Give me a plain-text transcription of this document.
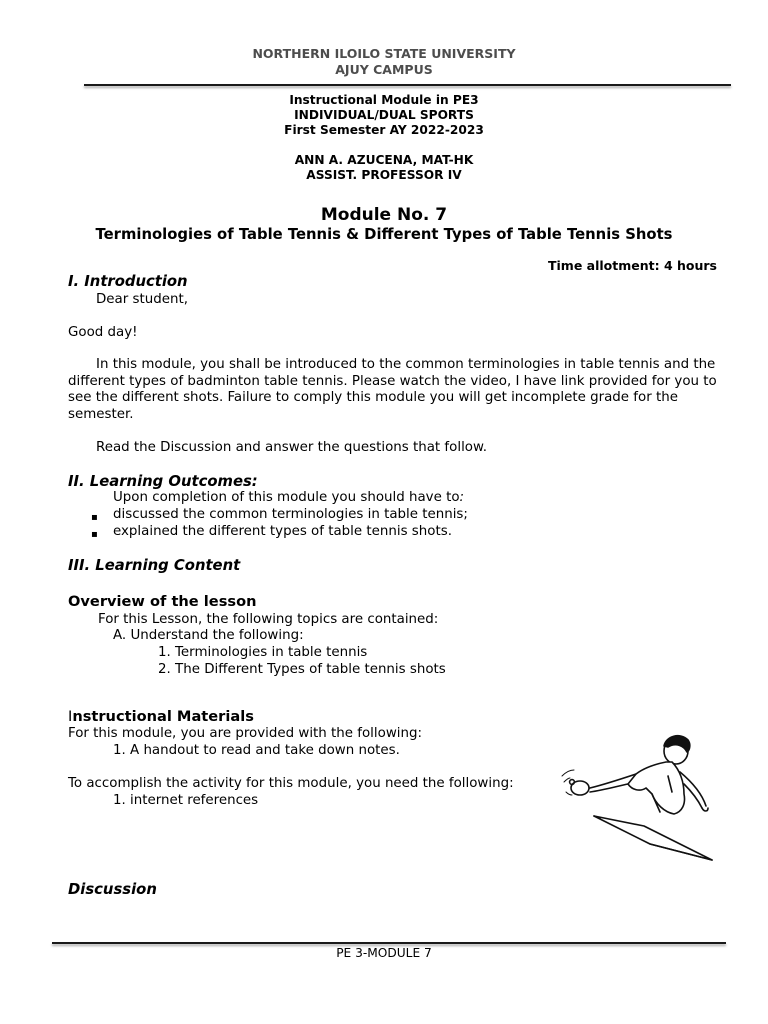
NORTHERN ILOILO STATE UNIVERSITY
AJUY CAMPUS
Instructional Module in PE3
INDIVIDUAL/DUAL SPORTS
First Semester AY 2022-2023
ANN A. AZUCENA, MAT-HK
ASSIST. PROFESSOR IV
Module No. 7
Terminologies of Table Tennis & Different Types of Table Tennis Shots
Time allotment: 4 hours
I. Introduction
Dear student,
Good day!
In this module, you shall be introduced to the common terminologies in table tennis and the different types of badminton table tennis. Please watch the video, I have link provided for you to see the different shots. Failure to comply this module you will get incomplete grade for the semester.
Read the Discussion and answer the questions that follow.
II. Learning Outcomes:
Upon completion of this module you should have to:
▪ discussed the common terminologies in table tennis;
▪ explained the different types of table tennis shots.
III. Learning Content
Overview of the lesson
For this Lesson, the following topics are contained:
A. Understand the following:
1. Terminologies in table tennis
2. The Different Types of table tennis shots
Instructional Materials
For this module, you are provided with the following:
1. A handout to read and take down notes.
To accomplish the activity for this module, you need the following:
1. internet references
Discussion
PE 3-MODULE 7
